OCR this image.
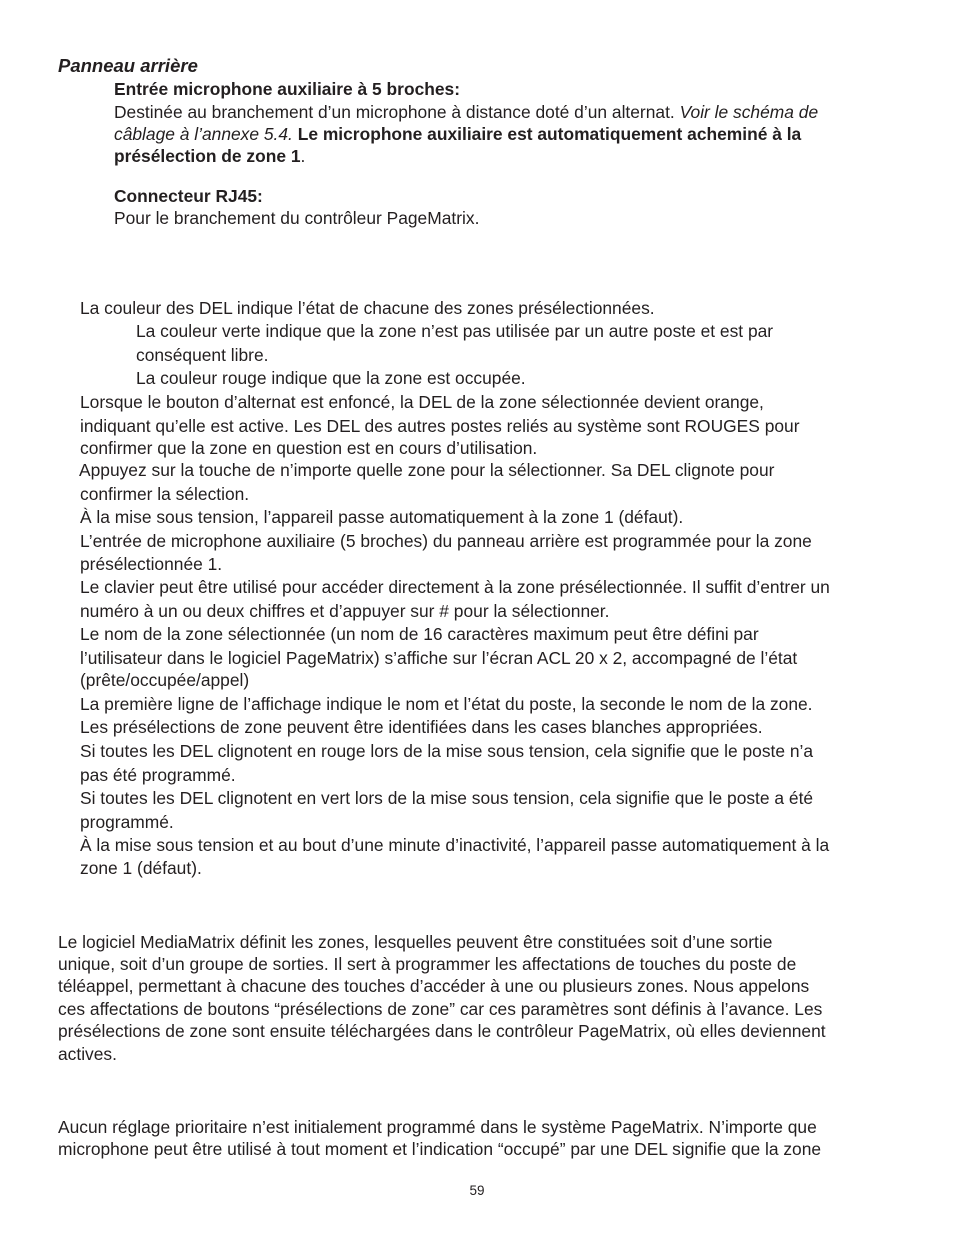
Panneau arrière
Entrée microphone auxiliaire à 5 broches:
Destinée au branchement d’un microphone à distance doté d’un alternat. Voir le schéma de
câblage à l’annexe 5.4. Le microphone auxiliaire est automatiquement acheminé à la
présélection de zone 1.
Connecteur RJ45:
Pour le branchement du contrôleur PageMatrix.
La couleur des DEL indique l’état de chacune des zones présélectionnées.
La couleur verte indique que la zone n’est pas utilisée par un autre poste et est par
conséquent libre.
La couleur rouge indique que la zone est occupée.
Lorsque le bouton d’alternat est enfoncé, la DEL de la zone sélectionnée devient orange,
indiquant qu’elle est active. Les DEL des autres postes reliés au système sont ROUGES pour
confirmer que la zone en question est en cours d’utilisation.
Appuyez sur la touche de n’importe quelle zone pour la sélectionner. Sa DEL clignote pour
confirmer la sélection.
À la mise sous tension, l’appareil passe automatiquement à la zone 1 (défaut).
L’entrée de microphone auxiliaire (5 broches) du panneau arrière est programmée pour la zone
présélectionnée 1.
Le clavier peut être utilisé pour accéder directement à la zone présélectionnée. Il suffit d’entrer un
numéro à un ou deux chiffres et d’appuyer sur # pour la sélectionner.
Le nom de la zone sélectionnée (un nom de 16 caractères maximum peut être défini par
l’utilisateur dans le logiciel PageMatrix) s’affiche sur l’écran ACL 20 x 2, accompagné de l’état
(prête/occupée/appel)
La première ligne de l’affichage indique le nom et l’état du poste, la seconde le nom de la zone.
Les présélections de zone peuvent être identifiées dans les cases blanches appropriées.
Si toutes les DEL clignotent en rouge lors de la mise sous tension, cela signifie que le poste n’a
pas été programmé.
Si toutes les DEL clignotent en vert lors de la mise sous tension, cela signifie que le poste a été
programmé.
À la mise sous tension et au bout d’une minute d’inactivité, l’appareil passe automatiquement à la
zone 1 (défaut).
Le logiciel MediaMatrix définit les zones, lesquelles peuvent être constituées soit d’une sortie
unique, soit d’un groupe de sorties. Il sert à programmer les affectations de touches du poste de
téléappel, permettant à chacune des touches d’accéder à une ou plusieurs zones. Nous appelons
ces affectations de boutons “présélections de zone” car ces paramètres sont définis à l’avance. Les
présélections de zone sont ensuite téléchargées dans le contrôleur PageMatrix, où elles deviennent
actives.
Aucun réglage prioritaire n’est initialement programmé dans le système PageMatrix. N’importe que
microphone peut être utilisé à tout moment et l’indication “occupé” par une DEL signifie que la zone
59
